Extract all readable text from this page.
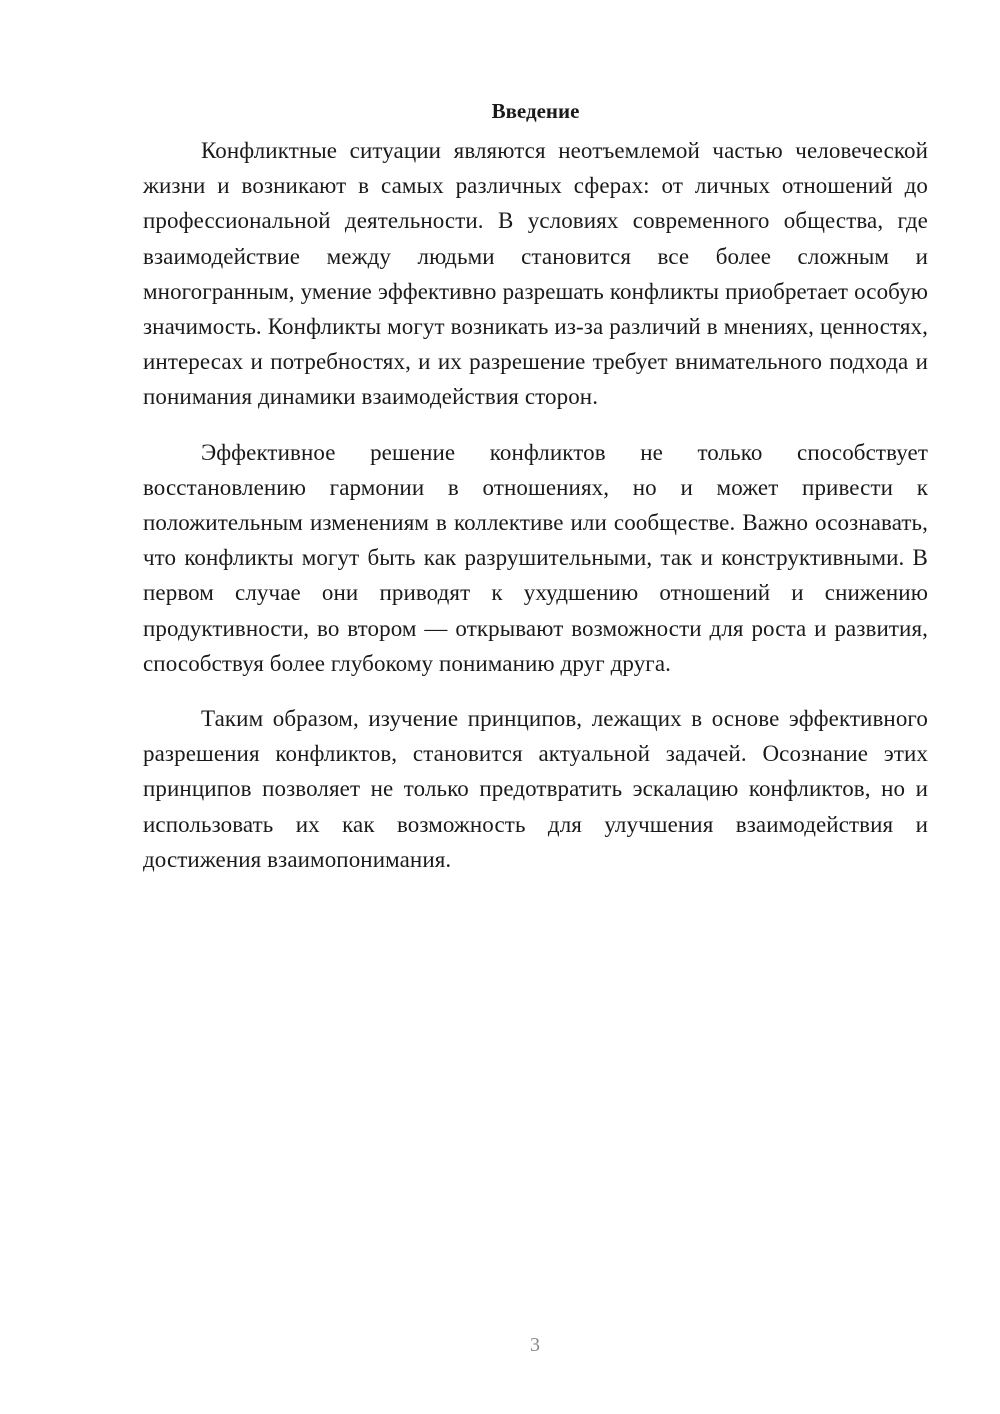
Введение

Конфликтные ситуации являются неотъемлемой частью человеческой жизни и возникают в самых различных сферах: от личных отношений до профессиональной деятельности. В условиях современного общества, где взаимодействие между людьми становится все более сложным и многогранным, умение эффективно разрешать конфликты приобретает особую значимость. Конфликты могут возникать из-за различий в мнениях, ценностях, интересах и потребностях, и их разрешение требует внимательного подхода и понимания динамики взаимодействия сторон.

Эффективное решение конфликтов не только способствует восстановлению гармонии в отношениях, но и может привести к положительным изменениям в коллективе или сообществе. Важно осознавать, что конфликты могут быть как разрушительными, так и конструктивными. В первом случае они приводят к ухудшению отношений и снижению продуктивности, во втором — открывают возможности для роста и развития, способствуя более глубокому пониманию друг друга.

Таким образом, изучение принципов, лежащих в основе эффективного разрешения конфликтов, становится актуальной задачей. Осознание этих принципов позволяет не только предотвратить эскалацию конфликтов, но и использовать их как возможность для улучшения взаимодействия и достижения взаимопонимания.

3
